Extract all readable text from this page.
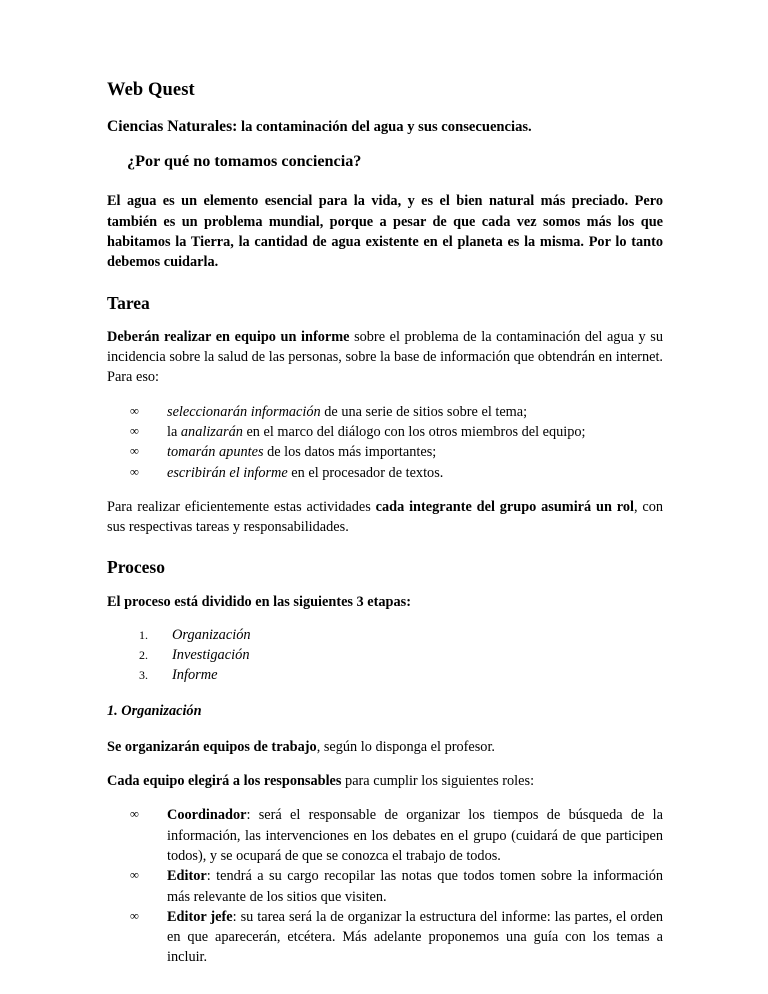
Web Quest

Ciencias Naturales: la contaminación del agua y sus consecuencias.

¿Por qué no tomamos conciencia?

El agua es un elemento esencial para la vida, y es el bien natural más preciado. Pero también es un problema mundial, porque a pesar de que cada vez somos más los que habitamos la Tierra, la cantidad de agua existente en el planeta es la misma. Por lo tanto debemos cuidarla.

Tarea

Deberán realizar en equipo un informe sobre el problema de la contaminación del agua y su incidencia sobre la salud de las personas, sobre la base de información que obtendrán en internet. Para eso:

∞	seleccionarán información de una serie de sitios sobre el tema;
∞	la analizarán en el marco del diálogo con los otros miembros del equipo;
∞	tomarán apuntes de los datos más importantes;
∞	escribirán el informe en el procesador de textos.

Para realizar eficientemente estas actividades cada integrante del grupo asumirá un rol, con sus respectivas tareas y responsabilidades.

Proceso

El proceso está dividido en las siguientes 3 etapas:

Organización
Investigación
Informe

1. Organización

Se organizarán equipos de trabajo, según lo disponga el profesor.

Cada equipo elegirá a los responsables para cumplir los siguientes roles:

∞	Coordinador: será el responsable de organizar los tiempos de búsqueda de la información, las intervenciones en los debates en el grupo (cuidará de que participen todos), y se ocupará de que se conozca el trabajo de todos.
∞	Editor: tendrá a su cargo recopilar las notas que todos tomen sobre la información más relevante de los sitios que visiten.
∞	Editor jefe: su tarea será la de organizar la estructura del informe: las partes, el orden en que aparecerán, etcétera. Más adelante proponemos una guía con los temas a incluir.
